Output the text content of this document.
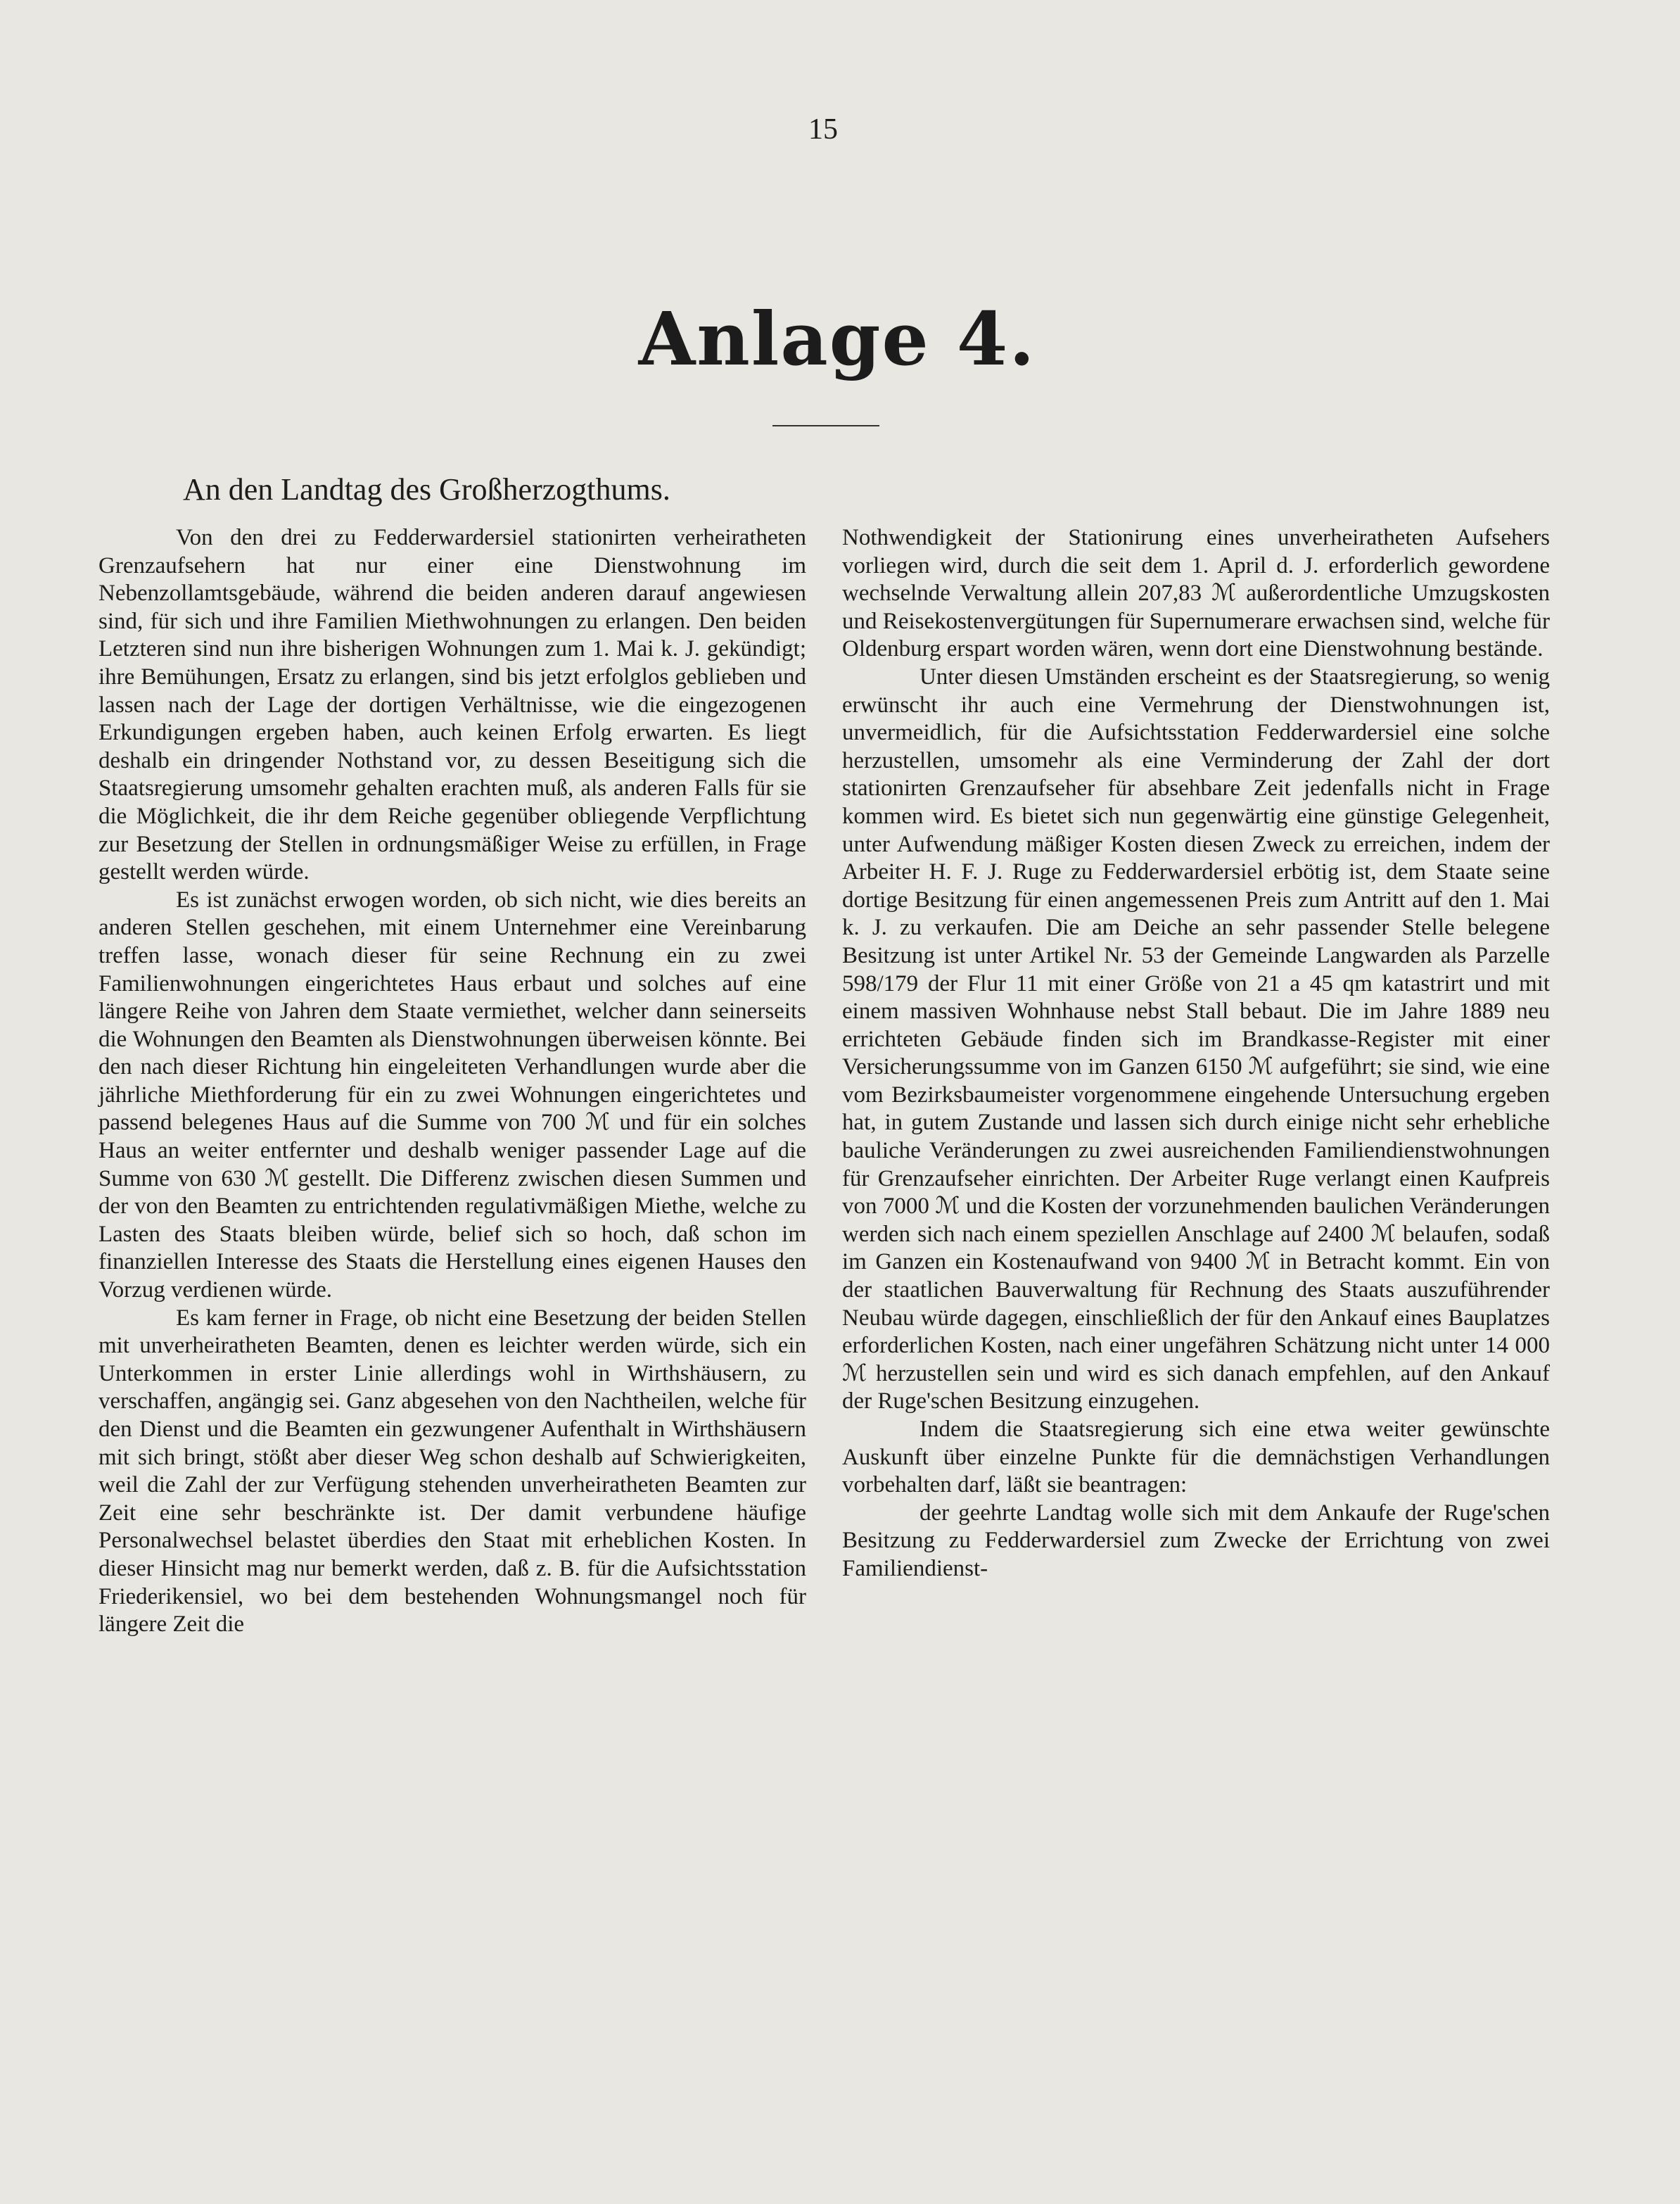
15
Anlage 4.
An den Landtag des Großherzogthums.

Von den drei zu Fedderwardersiel stationirten verheiratheten Grenzaufsehern hat nur einer eine Dienstwohnung im Nebenzollamtsgebäude, während die beiden anderen darauf angewiesen sind, für sich und ihre Familien Miethwohnungen zu erlangen. Den beiden Letzteren sind nun ihre bisherigen Wohnungen zum 1. Mai k. J. gekündigt; ihre Bemühungen, Ersatz zu erlangen, sind bis jetzt erfolglos geblieben und lassen nach der Lage der dortigen Verhältnisse, wie die eingezogenen Erkundigungen ergeben haben, auch keinen Erfolg erwarten. Es liegt deshalb ein dringender Nothstand vor, zu dessen Beseitigung sich die Staatsregierung umsomehr gehalten erachten muß, als anderen Falls für sie die Möglichkeit, die ihr dem Reiche gegenüber obliegende Verpflichtung zur Besetzung der Stellen in ordnungsmäßiger Weise zu erfüllen, in Frage gestellt werden würde.

Es ist zunächst erwogen worden, ob sich nicht, wie dies bereits an anderen Stellen geschehen, mit einem Unternehmer eine Vereinbarung treffen lasse, wonach dieser für seine Rechnung ein zu zwei Familienwohnungen eingerichtetes Haus erbaut und solches auf eine längere Reihe von Jahren dem Staate vermiethet, welcher dann seinerseits die Wohnungen den Beamten als Dienstwohnungen überweisen könnte. Bei den nach dieser Richtung hin eingeleiteten Verhandlungen wurde aber die jährliche Miethforderung für ein zu zwei Wohnungen eingerichtetes und passend belegenes Haus auf die Summe von 700 ℳ und für ein solches Haus an weiter entfernter und deshalb weniger passender Lage auf die Summe von 630 ℳ gestellt. Die Differenz zwischen diesen Summen und der von den Beamten zu entrichtenden regulativmäßigen Miethe, welche zu Lasten des Staats bleiben würde, belief sich so hoch, daß schon im finanziellen Interesse des Staats die Herstellung eines eigenen Hauses den Vorzug verdienen würde.

Es kam ferner in Frage, ob nicht eine Besetzung der beiden Stellen mit unverheiratheten Beamten, denen es leichter werden würde, sich ein Unterkommen in erster Linie allerdings wohl in Wirthshäusern, zu verschaffen, angängig sei. Ganz abgesehen von den Nachtheilen, welche für den Dienst und die Beamten ein gezwungener Aufenthalt in Wirthshäusern mit sich bringt, stößt aber dieser Weg schon deshalb auf Schwierigkeiten, weil die Zahl der zur Verfügung stehenden unverheiratheten Beamten zur Zeit eine sehr beschränkte ist. Der damit verbundene häufige Personalwechsel belastet überdies den Staat mit erheblichen Kosten. In dieser Hinsicht mag nur bemerkt werden, daß z. B. für die Aufsichtsstation Friederikensiel, wo bei dem bestehenden Wohnungsmangel noch für längere Zeit die

Nothwendigkeit der Stationirung eines unverheiratheten Aufsehers vorliegen wird, durch die seit dem 1. April d. J. erforderlich gewordene wechselnde Verwaltung allein 207,83 ℳ außerordentliche Umzugskosten und Reisekostenvergütungen für Supernumerare erwachsen sind, welche für Oldenburg erspart worden wären, wenn dort eine Dienstwohnung bestände.

Unter diesen Umständen erscheint es der Staatsregierung, so wenig erwünscht ihr auch eine Vermehrung der Dienstwohnungen ist, unvermeidlich, für die Aufsichtsstation Fedderwardersiel eine solche herzustellen, umsomehr als eine Verminderung der Zahl der dort stationirten Grenzaufseher für absehbare Zeit jedenfalls nicht in Frage kommen wird. Es bietet sich nun gegenwärtig eine günstige Gelegenheit, unter Aufwendung mäßiger Kosten diesen Zweck zu erreichen, indem der Arbeiter H. F. J. Ruge zu Fedderwardersiel erbötig ist, dem Staate seine dortige Besitzung für einen angemessenen Preis zum Antritt auf den 1. Mai k. J. zu verkaufen. Die am Deiche an sehr passender Stelle belegene Besitzung ist unter Artikel Nr. 53 der Gemeinde Langwarden als Parzelle 598/179 der Flur 11 mit einer Größe von 21 a 45 qm katastrirt und mit einem massiven Wohnhause nebst Stall bebaut. Die im Jahre 1889 neu errichteten Gebäude finden sich im Brandkasse-Register mit einer Versicherungssumme von im Ganzen 6150 ℳ aufgeführt; sie sind, wie eine vom Bezirksbaumeister vorgenommene eingehende Untersuchung ergeben hat, in gutem Zustande und lassen sich durch einige nicht sehr erhebliche bauliche Veränderungen zu zwei ausreichenden Familiendienstwohnungen für Grenzaufseher einrichten. Der Arbeiter Ruge verlangt einen Kaufpreis von 7000 ℳ und die Kosten der vorzunehmenden baulichen Veränderungen werden sich nach einem speziellen Anschlage auf 2400 ℳ belaufen, sodaß im Ganzen ein Kostenaufwand von 9400 ℳ in Betracht kommt. Ein von der staatlichen Bauverwaltung für Rechnung des Staats auszuführender Neubau würde dagegen, einschließlich der für den Ankauf eines Bauplatzes erforderlichen Kosten, nach einer ungefähren Schätzung nicht unter 14 000 ℳ herzustellen sein und wird es sich danach empfehlen, auf den Ankauf der Ruge'schen Besitzung einzugehen.

Indem die Staatsregierung sich eine etwa weiter gewünschte Auskunft über einzelne Punkte für die demnächstigen Verhandlungen vorbehalten darf, läßt sie beantragen:

der geehrte Landtag wolle sich mit dem Ankaufe der Ruge'schen Besitzung zu Fedderwardersiel zum Zwecke der Errichtung von zwei Familiendienst-
